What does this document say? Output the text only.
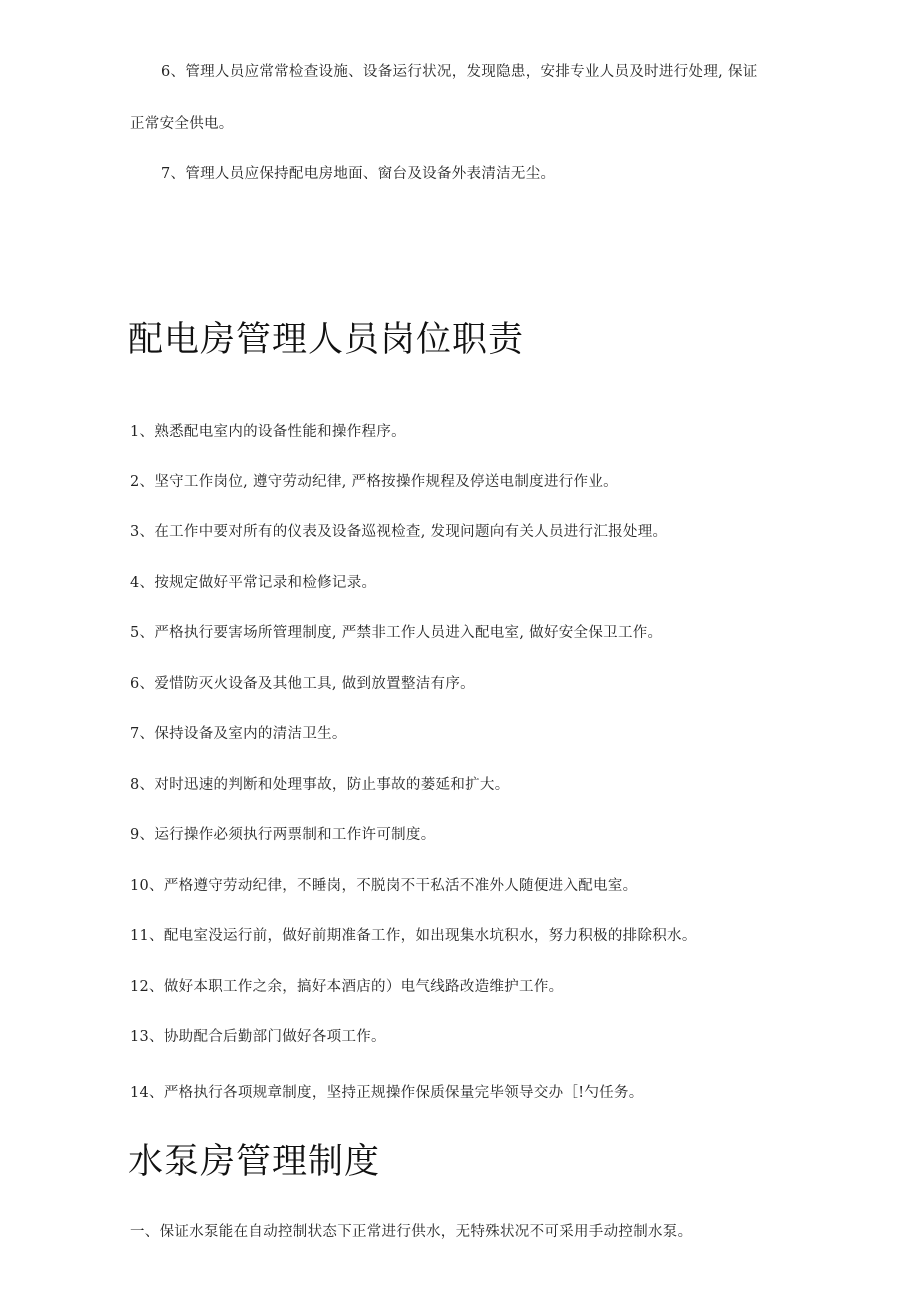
6、管理人员应常常检查设施、设备运行状况，发现隐患，安排专业人员及时进行处理, 保证
正常安全供电。
7、管理人员应保持配电房地面、窗台及设备外表清洁无尘。
配电房管理人员岗位职责
1、熟悉配电室内的设备性能和操作程序。
2、坚守工作岗位, 遵守劳动纪律, 严格按操作规程及停送电制度进行作业。
3、在工作中要对所有的仪表及设备巡视检查, 发现问题向有关人员进行汇报处理。
4、按规定做好平常记录和检修记录。
5、严格执行要害场所管理制度, 严禁非工作人员进入配电室, 做好安全保卫工作。
6、爱惜防灭火设备及其他工具, 做到放置整洁有序。
7、保持设备及室内的清洁卫生。
8、对时迅速的判断和处理事故，防止事故的蒌延和扩大。
9、运行操作必须执行两票制和工作许可制度。
10、严格遵守劳动纪律，不睡岗，不脱岗不干私活不准外人随便进入配电室。
11、配电室没运行前，做好前期准备工作，如出现集水坑积水，努力积极的排除积水。
12、做好本职工作之余，搞好本酒店的）电气线路改造维护工作。
13、协助配合后勤部门做好各项工作。
14、严格执行各项规章制度，坚持正规操作保质保量完毕领导交办［!勺任务。
水泵房管理制度
一、保证水泵能在自动控制状态下正常进行供水，无特殊状况不可采用手动控制水泵。
